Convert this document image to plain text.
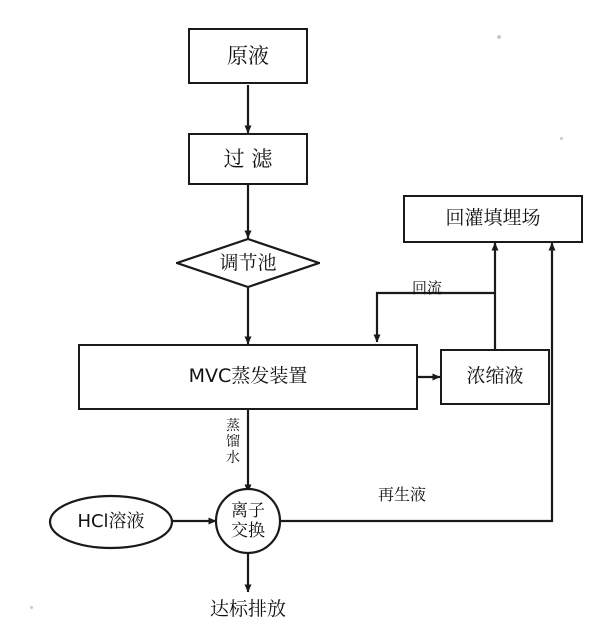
原液
过 滤
调节池
MVC蒸发装置	浓缩液
回灌填埋场
HCl溶液
离子
交换
达标排放
回流
蒸
馏
水
再生液
